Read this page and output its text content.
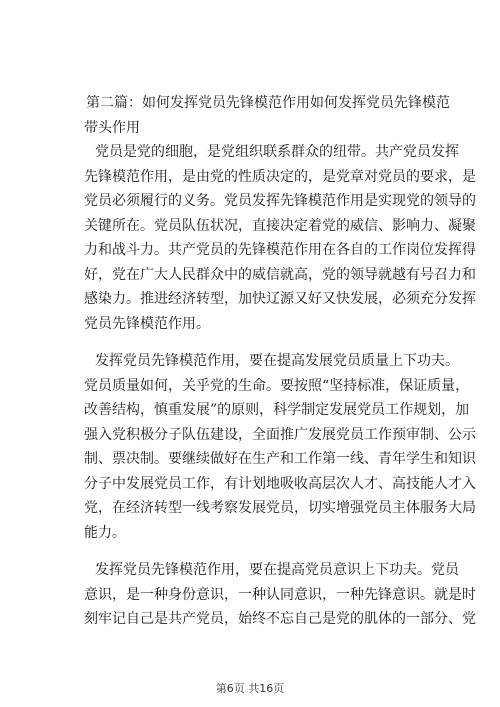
第二篇：如何发挥党员先锋模范作用如何发挥党员先锋模范
带头作用
党员是党的细胞，是党组织联系群众的纽带。共产党员发挥
先锋模范作用，是由党的性质决定的，是党章对党员的要求，是
党员必须履行的义务。党员发挥先锋模范作用是实现党的领导的
关键所在。党员队伍状况，直接决定着党的威信、影响力、凝聚
力和战斗力。共产党员的先锋模范作用在各自的工作岗位发挥得
好，党在广大人民群众中的威信就高，党的领导就越有号召力和
感染力。推进经济转型，加快辽源又好又快发展，必须充分发挥
党员先锋模范作用。
发挥党员先锋模范作用，要在提高发展党员质量上下功夫。
党员质量如何，关乎党的生命。要按照“坚持标准，保证质量，
改善结构，慎重发展”的原则，科学制定发展党员工作规划，加
强入党积极分子队伍建设，全面推广发展党员工作预审制、公示
制、票决制。要继续做好在生产和工作第一线、青年学生和知识
分子中发展党员工作，有计划地吸收高层次人才、高技能人才入
党，在经济转型一线考察发展党员，切实增强党员主体服务大局
能力。
发挥党员先锋模范作用，要在提高党员意识上下功夫。党员
意识，是一种身份意识，一种认同意识，一种先锋意识。就是时
刻牢记自己是共产党员，始终不忘自己是党的肌体的一部分、党
第6页 共16页
